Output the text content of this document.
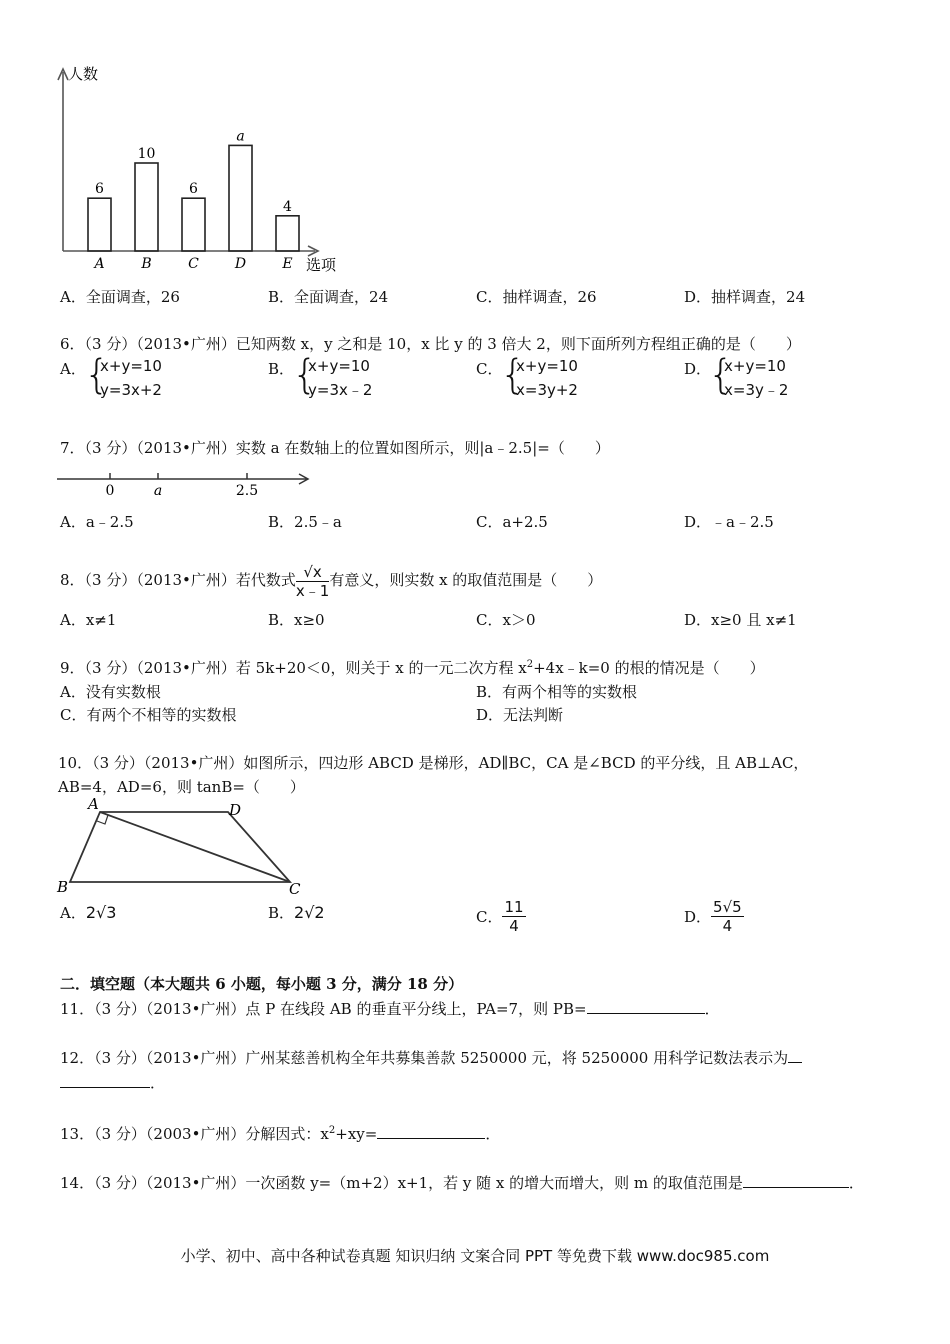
人数
选项
6
A
10
B
6
C
a
D
4
E
A．全面调查，26	B．全面调查，24	C．抽样调查，26	D．抽样调查，24
6．（3 分）（2013•广州）已知两数 x，y 之和是 10，x 比 y 的 3 倍大 2，则下面所列方程组正确的是（　　）
A．
{
x+y=10
y=3x+2
B．
{
x+y=10
y=3x﹣2
C．
{
x+y=10
x=3y+2
D．
{
x+y=10
x=3y﹣2
7．（3 分）（2013•广州）实数 a 在数轴上的位置如图所示，则|a﹣2.5|=（　　）
0	a	2.5
A．a﹣2.5	B．2.5﹣a	C．a+2.5	D．﹣a﹣2.5
8．（3 分）（2013•广州）若代数式 $\frac{√x}{x﹣1}$ 有意义，则实数 x 的取值范围是（　　）
A．x≠1	B．x≥0	C．x＞0	D．x≥0 且 x≠1
9．（3 分）（2013•广州）若 5k+20＜0，则关于 x 的一元二次方程 $x^2+4x﹣k=0$ 的根的情况是（　　）
A．没有实数根	B．有两个相等的实数根
C．有两个不相等的实数根	D．无法判断
10．（3 分）（2013•广州）如图所示，四边形 ABCD 是梯形，AD∥BC，CA 是∠BCD 的平分线，且 AB⊥AC，
AB=4，AD=6，则 tanB=（　　）
A	D
B	C
A．2√3	B．2√2	C． $\frac{11}{4}$	D． $\frac{5√5}{4}$
二．填空题（本大题共 6 小题，每小题 3 分，满分 18 分）
11．（3 分）（2013•广州）点 P 在线段 AB 的垂直平分线上，PA=7，则 PB=	．
12．（3 分）（2013•广州）广州某慈善机构全年共募集善款 5250000 元，将 5250000 用科学记数法表示为
．
13．（3 分）（2003•广州）分解因式：$x^2+xy=$	．
14．（3 分）（2013•广州）一次函数 y=（m+2）x+1，若 y 随 x 的增大而增大，则 m 的取值范围是	．
小学、初中、高中各种试卷真题 知识归纳 文案合同 PPT 等免费下载 www.doc985.com
